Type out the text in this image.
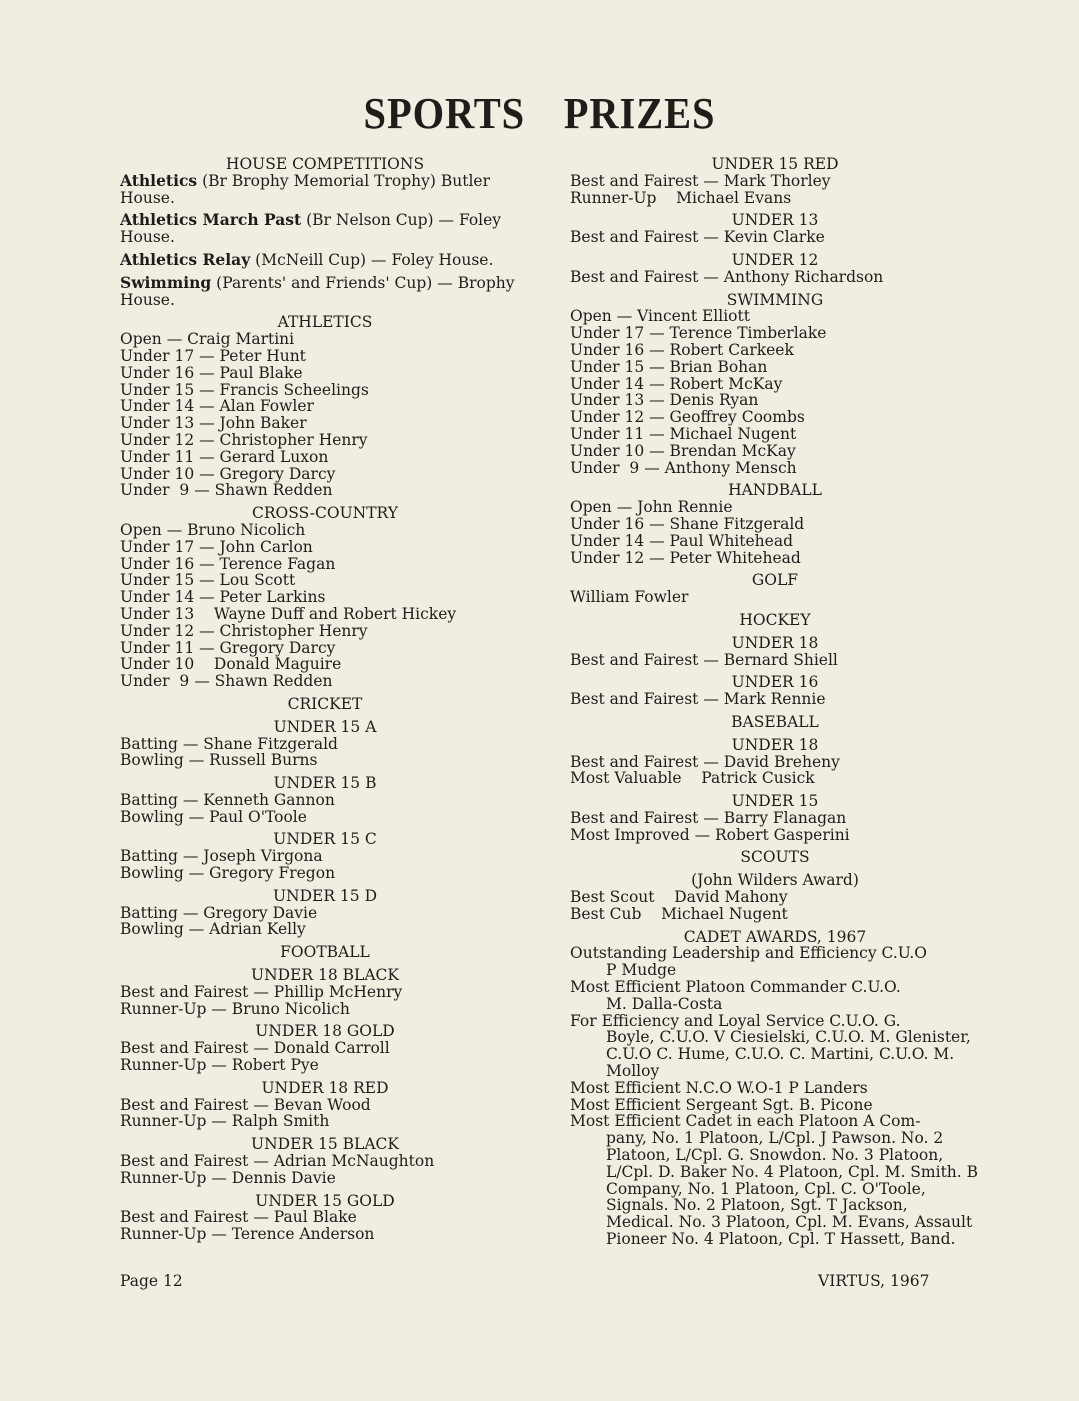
SPORTS PRIZES
HOUSE COMPETITIONS
Athletics (Br Brophy Memorial Trophy) Butler House.
Athletics March Past (Br Nelson Cup) — Foley House.
Athletics Relay (McNeill Cup) — Foley House.
Swimming (Parents' and Friends' Cup) — Brophy House.
ATHLETICS
Open — Craig Martini
Under 17 — Peter Hunt
Under 16 — Paul Blake
Under 15 — Francis Scheelings
Under 14 — Alan Fowler
Under 13 — John Baker
Under 12 — Christopher Henry
Under 11 — Gerard Luxon
Under 10 — Gregory Darcy
Under  9 — Shawn Redden
CROSS-COUNTRY
Open — Bruno Nicolich
Under 17 — John Carlon
Under 16 — Terence Fagan
Under 15 — Lou Scott
Under 14 — Peter Larkins
Under 13    Wayne Duff and Robert Hickey
Under 12 — Christopher Henry
Under 11 — Gregory Darcy
Under 10    Donald Maguire
Under  9 — Shawn Redden
CRICKET
UNDER 15 A
Batting — Shane Fitzgerald
Bowling — Russell Burns
UNDER 15 B
Batting — Kenneth Gannon
Bowling — Paul O'Toole
UNDER 15 C
Batting — Joseph Virgona
Bowling — Gregory Fregon
UNDER 15 D
Batting — Gregory Davie
Bowling — Adrian Kelly
FOOTBALL
UNDER 18 BLACK
Best and Fairest — Phillip McHenry
Runner-Up — Bruno Nicolich
UNDER 18 GOLD
Best and Fairest — Donald Carroll
Runner-Up — Robert Pye
UNDER 18 RED
Best and Fairest — Bevan Wood
Runner-Up — Ralph Smith
UNDER 15 BLACK
Best and Fairest — Adrian McNaughton
Runner-Up — Dennis Davie
UNDER 15 GOLD
Best and Fairest — Paul Blake
Runner-Up — Terence Anderson
UNDER 15 RED
Best and Fairest — Mark Thorley
Runner-Up    Michael Evans
UNDER 13
Best and Fairest — Kevin Clarke
UNDER 12
Best and Fairest — Anthony Richardson
SWIMMING
Open — Vincent Elliott
Under 17 — Terence Timberlake
Under 16 — Robert Carkeek
Under 15 — Brian Bohan
Under 14 — Robert McKay
Under 13 — Denis Ryan
Under 12 — Geoffrey Coombs
Under 11 — Michael Nugent
Under 10 — Brendan McKay
Under  9 — Anthony Mensch
HANDBALL
Open — John Rennie
Under 16 — Shane Fitzgerald
Under 14 — Paul Whitehead
Under 12 — Peter Whitehead
GOLF
William Fowler
HOCKEY
UNDER 18
Best and Fairest — Bernard Shiell
UNDER 16
Best and Fairest — Mark Rennie
BASEBALL
UNDER 18
Best and Fairest — David Breheny
Most Valuable    Patrick Cusick
UNDER 15
Best and Fairest — Barry Flanagan
Most Improved — Robert Gasperini
SCOUTS
(John Wilders Award)
Best Scout    David Mahony
Best Cub    Michael Nugent
CADET AWARDS, 1967
Outstanding Leadership and Efficiency C.U.O
P Mudge
Most Efficient Platoon Commander C.U.O.
M. Dalla-Costa
For Efficiency and Loyal Service C.U.O. G.
Boyle, C.U.O. V Ciesielski, C.U.O. M. Glenister, C.U.O C. Hume, C.U.O. C. Martini, C.U.O. M. Molloy
Most Efficient N.C.O W.O-1 P Landers
Most Efficient Sergeant Sgt. B. Picone
Most Efficient Cadet in each Platoon A Com-
pany, No. 1 Platoon, L/Cpl. J Pawson. No. 2 Platoon, L/Cpl. G. Snowdon. No. 3 Platoon, L/Cpl. D. Baker No. 4 Platoon, Cpl. M. Smith. B Company, No. 1 Platoon, Cpl. C. O'Toole, Signals. No. 2 Platoon, Sgt. T Jackson, Medical. No. 3 Platoon, Cpl. M. Evans, Assault Pioneer No. 4 Platoon, Cpl. T Hassett, Band.
Page 12	VIRTUS, 1967
